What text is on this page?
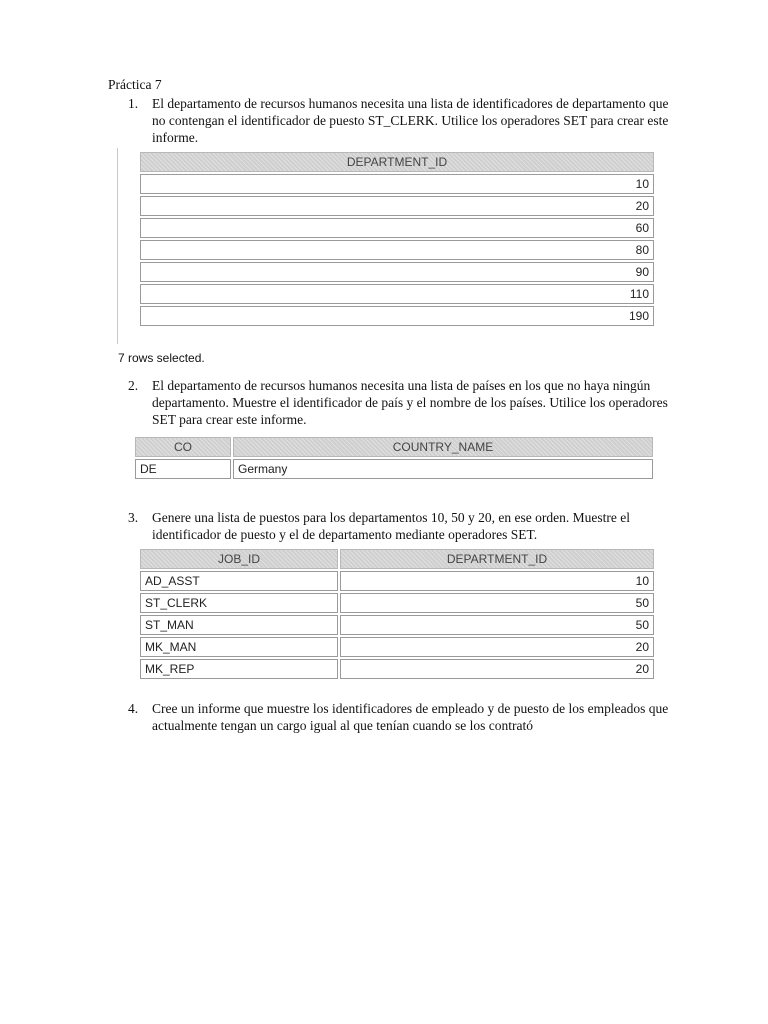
Práctica 7
1. El departamento de recursos humanos necesita una lista de identificadores de departamento que no contengan el identificador de puesto ST_CLERK. Utilice los operadores SET para crear este informe.
DEPARTMENT_ID
10
20
60
80
90
110
190
7 rows selected.
2. El departamento de recursos humanos necesita una lista de países en los que no haya ningún departamento. Muestre el identificador de país y el nombre de los países. Utilice los operadores SET para crear este informe.
CO	COUNTRY_NAME
DE	Germany
3. Genere una lista de puestos para los departamentos 10, 50 y 20, en ese orden. Muestre el identificador de puesto y el de departamento mediante operadores SET.
JOB_ID	DEPARTMENT_ID
AD_ASST	10
ST_CLERK	50
ST_MAN	50
MK_MAN	20
MK_REP	20
4. Cree un informe que muestre los identificadores de empleado y de puesto de los empleados que actualmente tengan un cargo igual al que tenían cuando se los contrató
